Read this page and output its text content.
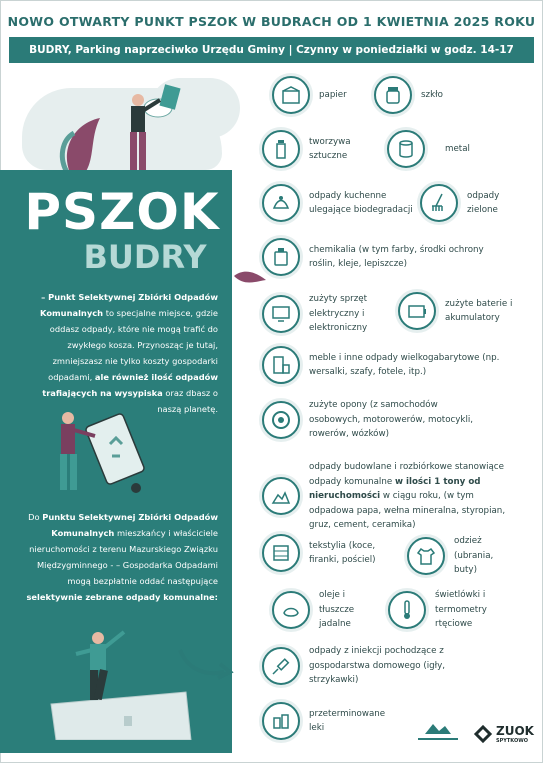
NOWO OTWARTY PUNKT PSZOK W BUDRACH OD 1 KWIETNIA 2025 ROKU
BUDRY, Parking naprzeciwko Urzędu Gminy | Czynny w poniedziałki w godz. 14-17
PSZOK
BUDRY
– Punkt Selektywnej Zbiórki Odpadów Komunalnych to specjalne miejsce, gdzie oddasz odpady, które nie mogą trafić do zwykłego kosza. Przynosząc je tutaj, zmniejszasz nie tylko koszty gospodarki odpadami, ale również ilość odpadów trafiających na wysypiska oraz dbasz o naszą planetę.
Do Punktu Selektywnej Zbiórki Odpadów Komunalnych mieszkańcy i właściciele nieruchomości z terenu Mazurskiego Związku Międzygminnego - – Gospodarka Odpadami mogą bezpłatnie oddać następujące selektywnie zebrane odpady komunalne:
papier	szkło
tworzywa sztuczne
metal
odpady kuchenne ulegające biodegradacji
odpady zielone
chemikalia (w tym farby, środki ochrony roślin, kleje, lepiszcze)
zużyty sprzęt elektryczny i elektroniczny
zużyte baterie i akumulatory
meble i inne odpady wielkogabarytowe (np. wersalki, szafy, fotele, itp.)
zużyte opony (z samochodów osobowych, motorowerów, motocykli, rowerów, wózków)
odpady budowlane i rozbiórkowe stanowiące odpady komunalne w ilości 1 tony od nieruchomości w ciągu roku, (w tym odpadowa papa, wełna mineralna, styropian, gruz, cement, ceramika)
tekstylia (koce, firanki, pościel)
odzież (ubrania, buty)
oleje i tłuszcze jadalne
świetlówki i termometry rtęciowe
odpady z iniekcji pochodzące z gospodarstwa domowego (igły, strzykawki)
przeterminowane leki	ZUOK
SPYTKOWO
